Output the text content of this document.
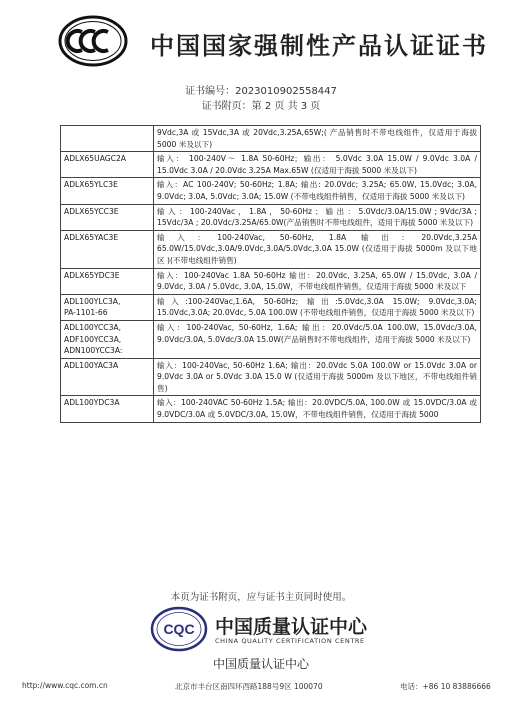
中国国家强制性产品认证证书
证书编号：2023010902558447
证书附页：第 2 页 共 3 页
	9Vdc,3A 或 15Vdc,3A 或 20Vdc,3.25A,65W;( 产品销售时不带电线组件，仅适用于海拔 5000 米及以下)
ADLX65UAGC2A	输入： 100-240V～ 1.8A 50-60Hz；输出： 5.0Vdc 3.0A 15.0W / 9.0Vdc 3.0A / 15.0Vdc 3.0A / 20.0Vdc 3.25A Max.65W (仅适用于海拔 5000 米及以下)
ADLX65YLC3E	输入：AC 100-240V; 50-60Hz; 1.8A; 输出: 20.0Vdc; 3.25A; 65.0W, 15.0Vdc; 3.0A, 9.0Vdc; 3.0A, 5.0Vdc; 3.0A; 15.0W (不带电线组件销售，仅适用于海拔 5000 米及以下)
ADLX65YCC3E	输 入 ： 100-240Vac ， 1.8A ， 50-60Hz ； 输 出 ： 5.0Vdc/3.0A/15.0W ; 9Vdc/3A ; 15Vdc/3A ; 20.0Vdc/3.25A/65.0W(产品销售时不带电线组件，适用于海拔 5000 米及以下)
ADLX65YAC3E	输入：100-240Vac, 50-60Hz, 1.8A 输出：20.0Vdc,3.25A 65.0W/15.0Vdc,3.0A/9.0Vdc,3.0A/5.0Vdc,3.0A 15.0W (仅适用于海拔 5000m 及以下地区 )(不带电线组件销售)
ADLX65YDC3E	输入：100-240Vac 1.8A 50-60Hz 输出：20.0Vdc, 3.25A, 65.0W / 15.0Vdc, 3.0A / 9.0Vdc, 3.0A / 5.0Vdc, 3.0A, 15.0W，不带电线组件销售，仅适用于海拔 5000 米及以下
ADL100YLC3A,
PA-1101-66	输入:100-240Vac,1.6A, 50-60Hz; 输出:5.0Vdc,3.0A 15.0W; 9.0Vdc,3.0A; 15.0Vdc,3.0A; 20.0Vdc, 5.0A 100.0W (不带电线组件销售，仅适用于海拔 5000 米及以下)
ADL100YCC3A,
ADF100YCC3A,
ADN100YCC3A:	输入：100-240Vac, 50-60Hz, 1.6A; 输出：20.0Vdc/5.0A 100.0W, 15.0Vdc/3.0A, 9.0Vdc/3.0A, 5.0Vdc/3.0A 15.0W(产品销售时不带电线组件，适用于海拔 5000 米及以下)
ADL100YAC3A	输入：100-240Vac, 50-60Hz 1.6A; 输出：20.0Vdc 5.0A 100.0W or 15.0Vdc 3.0A or 9.0Vdc 3.0A or 5.0Vdc 3.0A 15.0 W (仅适用于海拔 5000m 及以下地区，不带电线组件销售)
ADL100YDC3A	输入：100-240VAC 50-60Hz 1.5A; 输出：20.0VDC/5.0A, 100.0W 或 15.0VDC/3.0A 或 9.0VDC/3.0A 或 5.0VDC/3.0A, 15.0W，不带电线组件销售，仅适用于海拔 5000
本页为证书附页，应与证书主页同时使用。
CQC 中国质量认证中心
CHINA QUALITY CERTIFICATION CENTRE
中国质量认证中心
http://www.cqc.com.cn	北京市丰台区南四环西路188号9区 100070	电话：+86 10 83886666
